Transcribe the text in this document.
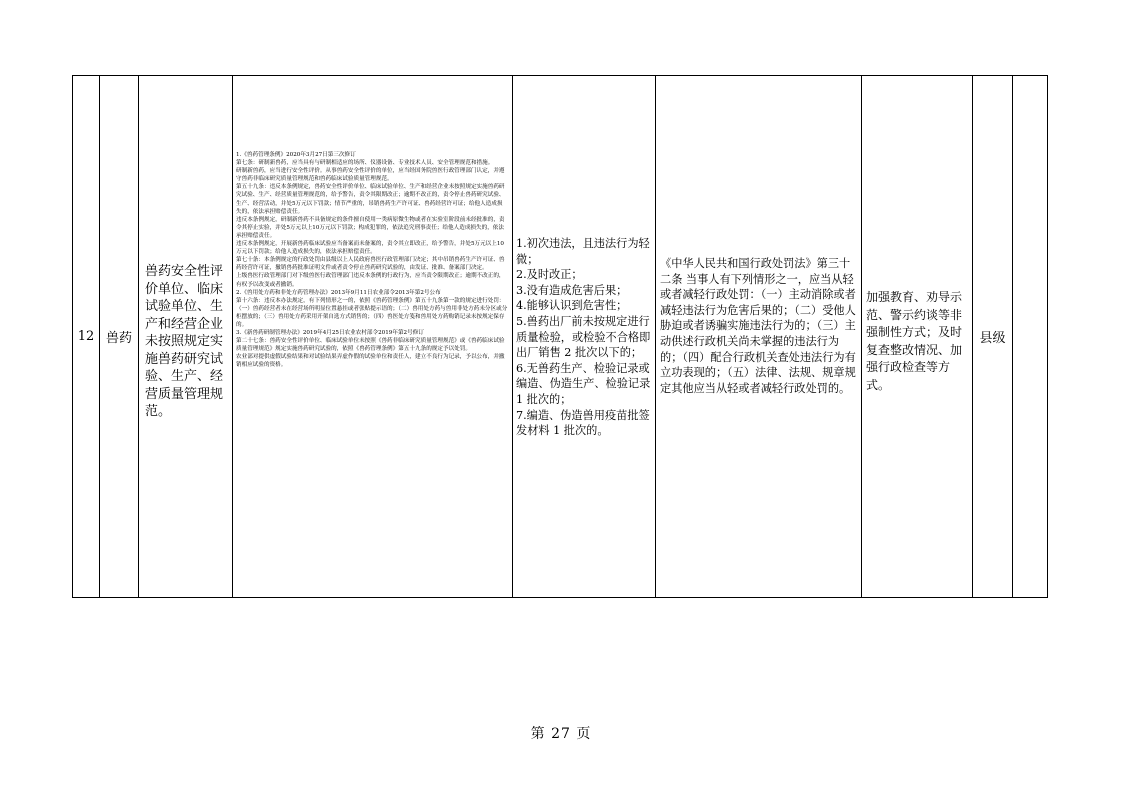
12 兽药
兽药安全性评价单位、临床试验单位、生产和经营企业未按照规定实施兽药研究试验、生产、经营质量管理规范。
1.《兽药管理条例》2020年3月27日第三次修订
第七条：研制新兽药，应当具有与研制相适应的场所、仪器设备、专业技术人员、安全管理规范和措施。
研制新兽药，应当进行安全性评价。从事兽药安全性评价的单位，应当经国务院兽医行政管理部门认定，并遵守兽药非临床研究质量管理规范和兽药临床试验质量管理规范。
第五十九条：违反本条例规定，兽药安全性评价单位、临床试验单位、生产和经营企业未按照规定实施兽药研究试验、生产、经营质量管理规范的，给予警告，责令其限期改正；逾期不改正的，责令停止兽药研究试验、生产、经营活动，并处5万元以下罚款；情节严重的，吊销兽药生产许可证、兽药经营许可证；给他人造成损失的，依法承担赔偿责任。
违反本条例规定，研制新兽药不具备规定的条件擅自使用一类病原微生物或者在实验室阶段前未经批准的，责令其停止实验，并处5万元以上10万元以下罚款；构成犯罪的，依法追究刑事责任；给他人造成损失的，依法承担赔偿责任。
违反本条例规定，开展新兽药临床试验应当备案而未备案的，责令其立即改正，给予警告，并处5万元以上10万元以下罚款；给他人造成损失的，依法承担赔偿责任。
第七十条：本条例规定的行政处罚由县级以上人民政府兽医行政管理部门决定；其中吊销兽药生产许可证、兽药经营许可证，撤销兽药批准证明文件或者责令停止兽药研究试验的，由发证、批准、备案部门决定。
上级兽医行政管理部门对下级兽医行政管理部门违反本条例的行政行为，应当责令限期改正；逾期不改正的，有权予以改变或者撤销。
2.《兽用处方药和非处方药管理办法》2013年9月11日农业部令2013年第2号公布
第十六条：违反本办法规定，有下列情形之一的，依照《兽药管理条例》第五十九条第一款的规定进行处罚：
（一）兽药经营者未在经营场所明显位置悬挂或者张贴提示语的；（二）兽用处方药与兽用非处方药未分区或分柜摆放的；（三）兽用处方药采用开架自选方式销售的；（四）兽医处方笺和兽用处方药购销记录未按规定保存的。
3.《新兽药研制管理办法》2019年4月25日农业农村部令2019年第2号修订
第二十七条：兽药安全性评价单位、临床试验单位未按照《兽药非临床研究质量管理规范》或《兽药临床试验质量管理规范》规定实施兽药研究试验的，依照《兽药管理条例》第五十九条的规定予以处罚。
农业部对提供虚假试验结果和对试验结果弄虚作假的试验单位和责任人，建立不良行为记录，予以公布，并撤销相应试验的资格。
1.初次违法，且违法行为轻微；
2.及时改正；
3.没有造成危害后果；
4.能够认识到危害性；
5.兽药出厂前未按规定进行质量检验，或检验不合格即出厂销售 2 批次以下的；
6.无兽药生产、检验记录或编造、伪造生产、检验记录 1 批次的；
7.编造、伪造兽用疫苗批签发材料 1 批次的。
《中华人民共和国行政处罚法》第三十二条 当事人有下列情形之一，应当从轻或者减轻行政处罚：（一）主动消除或者减轻违法行为危害后果的；（二）受他人胁迫或者诱骗实施违法行为的；（三）主动供述行政机关尚未掌握的违法行为的；（四）配合行政机关查处违法行为有立功表现的；（五）法律、法规、规章规定其他应当从轻或者减轻行政处罚的。
加强教育、劝导示范、警示约谈等非强制性方式；及时复查整改情况、加强行政检查等方式。
县级
第 27 页
